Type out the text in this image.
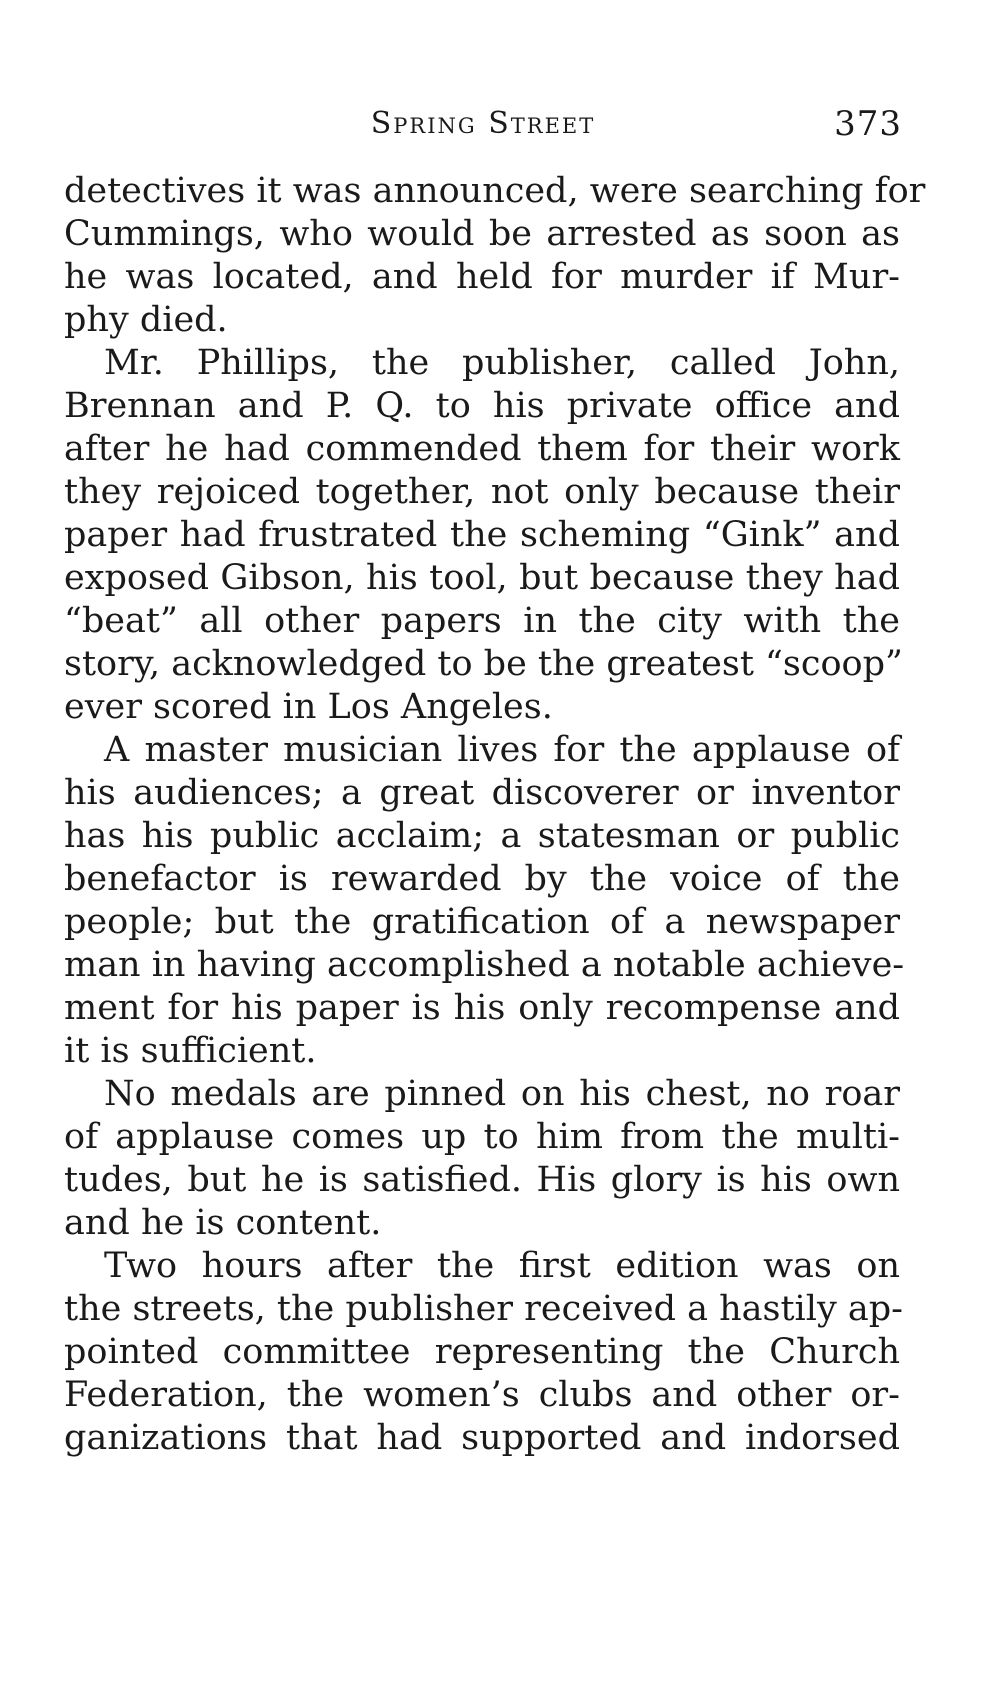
Spring Street	373
detectives it was announced, were searching for
Cummings, who would be arrested as soon as
he was located, and held for murder if Mur-
phy died.
Mr. Phillips, the publisher, called John,
Brennan and P. Q. to his private office and
after he had commended them for their work
they rejoiced together, not only because their
paper had frustrated the scheming “Gink” and
exposed Gibson, his tool, but because they had
“beat” all other papers in the city with the
story, acknowledged to be the greatest “scoop”
ever scored in Los Angeles.
A master musician lives for the applause of
his audiences; a great discoverer or inventor
has his public acclaim; a statesman or public
benefactor is rewarded by the voice of the
people; but the gratification of a newspaper
man in having accomplished a notable achieve-
ment for his paper is his only recompense and
it is sufficient.
No medals are pinned on his chest, no roar
of applause comes up to him from the multi-
tudes, but he is satisfied. His glory is his own
and he is content.
Two hours after the first edition was on
the streets, the publisher received a hastily ap-
pointed committee representing the Church
Federation, the women’s clubs and other or-
ganizations that had supported and indorsed
